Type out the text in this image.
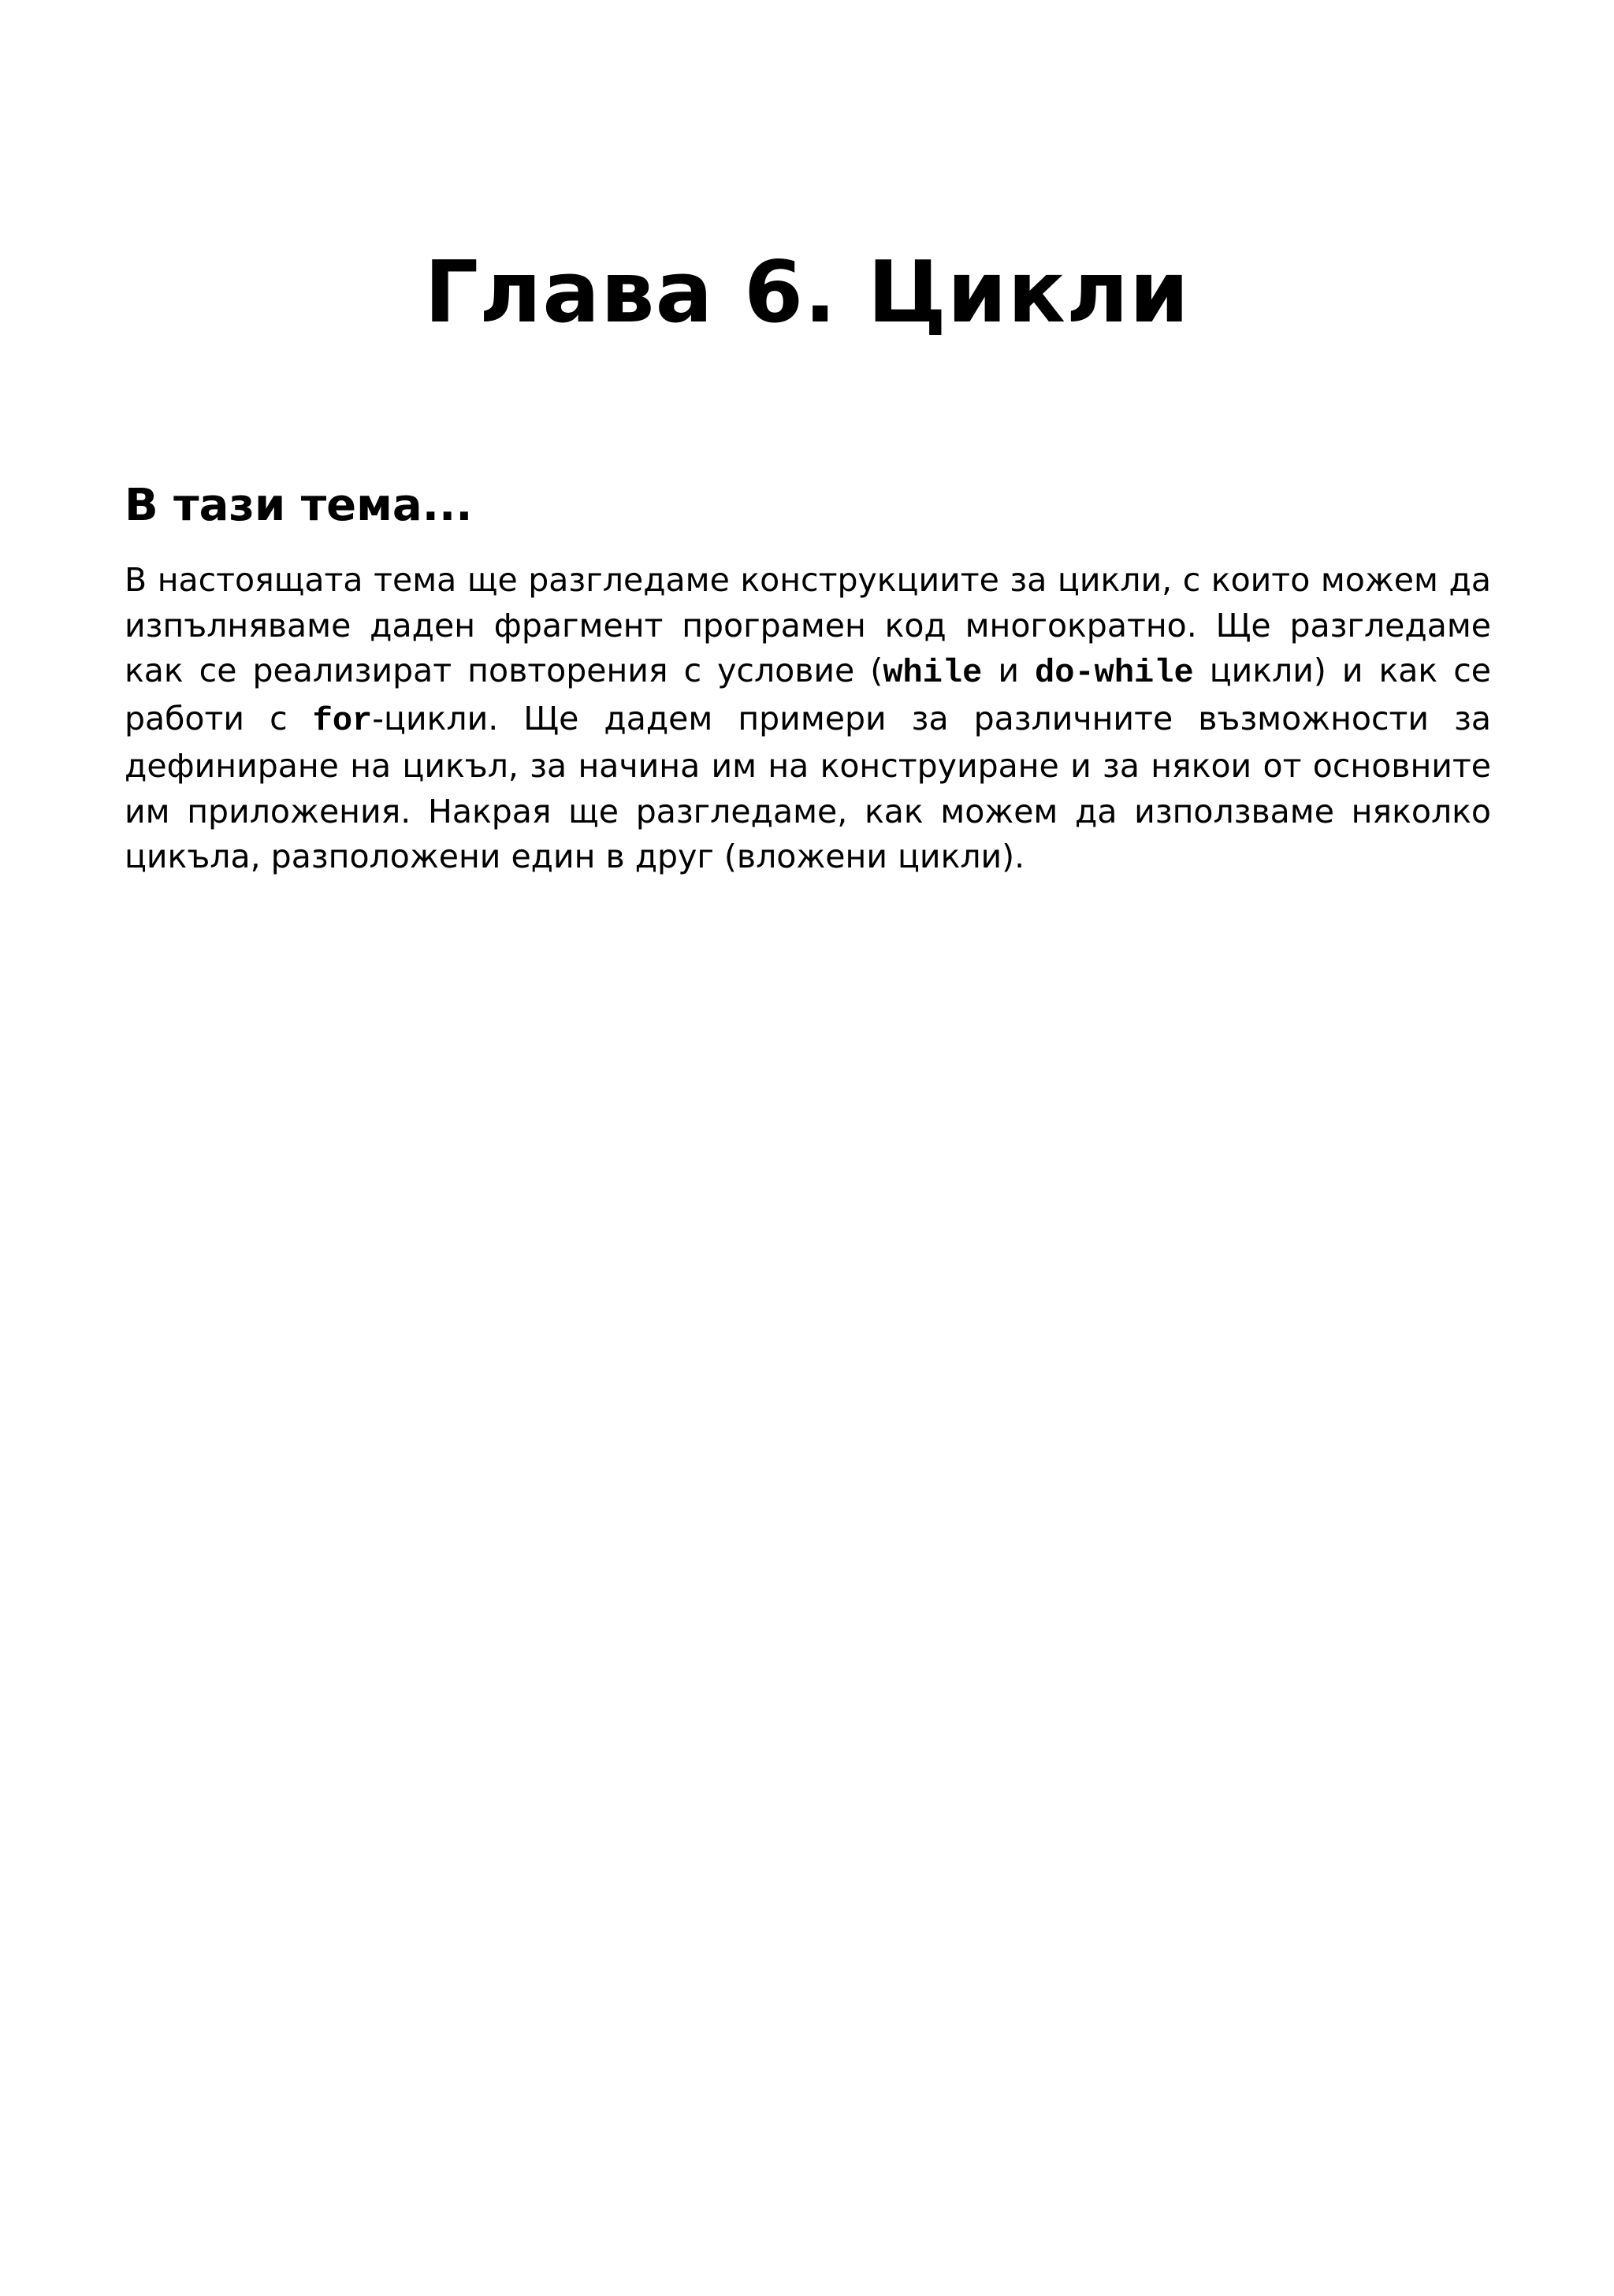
Глава 6. Цикли
В тази тема...

В настоящата тема ще разгледаме конструкциите за цикли, с които можем да изпълняваме даден фрагмент програмен код многократно. Ще разгледаме как се реализират повторения с условие (while и do-while цикли) и как се работи с for-цикли. Ще дадем примери за различните възможности за дефиниране на цикъл, за начина им на конструиране и за някои от основните им приложения. Накрая ще разгледаме, как можем да използваме няколко цикъла, разположени един в друг (вложени цикли).
